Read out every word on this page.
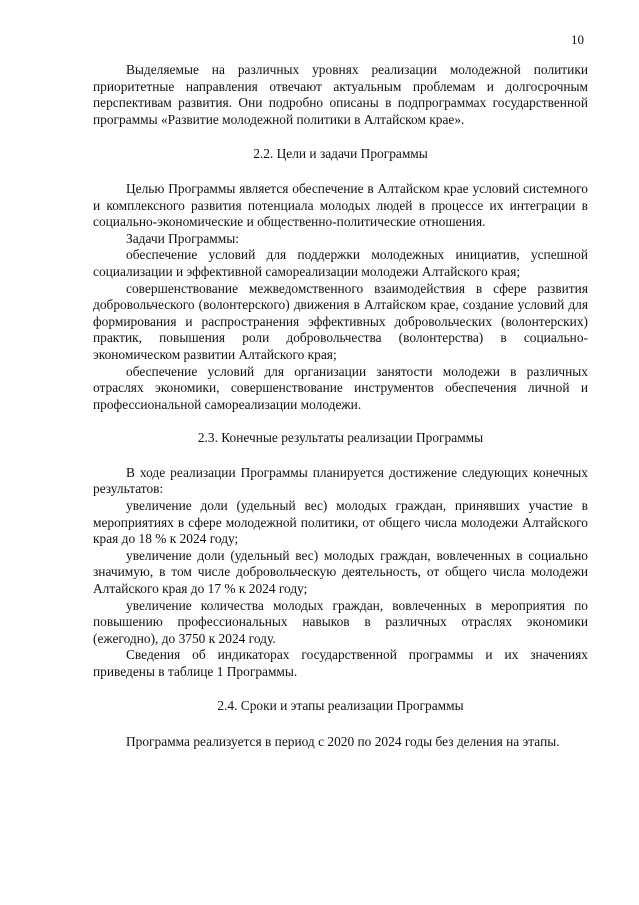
10

Выделяемые на различных уровнях реализации молодежной политики приоритетные направления отвечают актуальным проблемам и долгосрочным перспективам развития. Они подробно описаны в подпрограммах государственной программы «Развитие молодежной политики в Алтайском крае».

2.2. Цели и задачи Программы

Целью Программы является обеспечение в Алтайском крае условий системного и комплексного развития потенциала молодых людей в процессе их интеграции в социально-экономические и общественно-политические отношения.

Задачи Программы:

обеспечение условий для поддержки молодежных инициатив, успешной социализации и эффективной самореализации молодежи Алтайского края;

совершенствование межведомственного взаимодействия в сфере развития добровольческого (волонтерского) движения в Алтайском крае, создание условий для формирования и распространения эффективных добровольческих (волонтерских) практик, повышения роли добровольчества (волонтерства) в социально-экономическом развитии Алтайского края;

обеспечение условий для организации занятости молодежи в различных отраслях экономики, совершенствование инструментов обеспечения личной и профессиональной самореализации молодежи.

2.3. Конечные результаты реализации Программы

В ходе реализации Программы планируется достижение следующих конечных результатов:

увеличение доли (удельный вес) молодых граждан, принявших участие в мероприятиях в сфере молодежной политики, от общего числа молодежи Алтайского края до 18 % к 2024 году;

увеличение доли (удельный вес) молодых граждан, вовлеченных в социально значимую, в том числе добровольческую деятельность, от общего числа молодежи Алтайского края до 17 % к 2024 году;

увеличение количества молодых граждан, вовлеченных в мероприятия по повышению профессиональных навыков в различных отраслях экономики (ежегодно), до 3750 к 2024 году.

Сведения об индикаторах государственной программы и их значениях приведены в таблице 1 Программы.

2.4. Сроки и этапы реализации Программы

Программа реализуется в период с 2020 по 2024 годы без деления на этапы.
